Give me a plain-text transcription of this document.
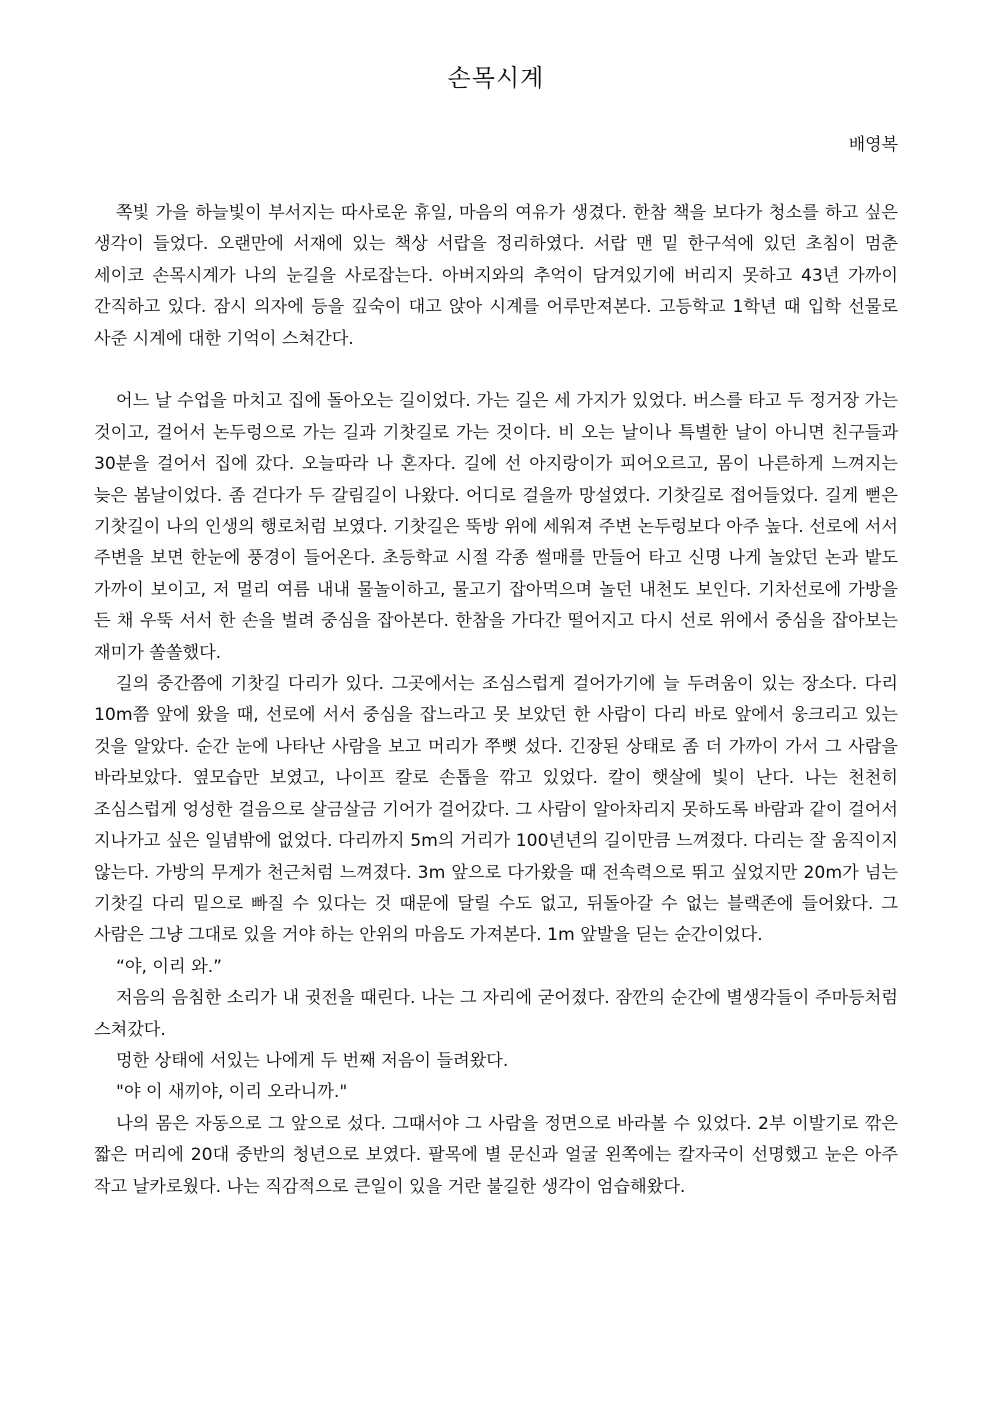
손목시계
배영복

쪽빛 가을 하늘빛이 부서지는 따사로운 휴일, 마음의 여유가 생겼다. 한참 책을 보다가 청소를 하고 싶은 생각이 들었다. 오랜만에 서재에 있는 책상 서랍을 정리하였다. 서랍 맨 밑 한구석에 있던 초침이 멈춘 세이코 손목시계가 나의 눈길을 사로잡는다. 아버지와의 추억이 담겨있기에 버리지 못하고 43년 가까이 간직하고 있다. 잠시 의자에 등을 깊숙이 대고 앉아 시계를 어루만져본다. 고등학교 1학년 때 입학 선물로 사준 시계에 대한 기억이 스쳐간다.

어느 날 수업을 마치고 집에 돌아오는 길이었다. 가는 길은 세 가지가 있었다. 버스를 타고 두 정거장 가는 것이고, 걸어서 논두렁으로 가는 길과 기찻길로 가는 것이다. 비 오는 날이나 특별한 날이 아니면 친구들과 30분을 걸어서 집에 갔다. 오늘따라 나 혼자다. 길에 선 아지랑이가 피어오르고, 몸이 나른하게 느껴지는 늦은 봄날이었다. 좀 걷다가 두 갈림길이 나왔다. 어디로 걸을까 망설였다. 기찻길로 접어들었다. 길게 뻗은 기찻길이 나의 인생의 행로처럼 보였다. 기찻길은 뚝방 위에 세워져 주변 논두렁보다 아주 높다. 선로에 서서 주변을 보면 한눈에 풍경이 들어온다. 초등학교 시절 각종 썰매를 만들어 타고 신명 나게 놀았던 논과 밭도 가까이 보이고, 저 멀리 여름 내내 물놀이하고, 물고기 잡아먹으며 놀던 내천도 보인다. 기차선로에 가방을 든 채 우뚝 서서 한 손을 벌려 중심을 잡아본다. 한참을 가다간 떨어지고 다시 선로 위에서 중심을 잡아보는 재미가 쏠쏠했다.

길의 중간쯤에 기찻길 다리가 있다. 그곳에서는 조심스럽게 걸어가기에 늘 두려움이 있는 장소다. 다리 10m쯤 앞에 왔을 때, 선로에 서서 중심을 잡느라고 못 보았던 한 사람이 다리 바로 앞에서 웅크리고 있는 것을 알았다. 순간 눈에 나타난 사람을 보고 머리가 쭈뼛 섰다. 긴장된 상태로 좀 더 가까이 가서 그 사람을 바라보았다. 옆모습만 보였고, 나이프 칼로 손톱을 깎고 있었다. 칼이 햇살에 빛이 난다. 나는 천천히 조심스럽게 엉성한 걸음으로 살금살금 기어가 걸어갔다. 그 사람이 알아차리지 못하도록 바람과 같이 걸어서 지나가고 싶은 일념밖에 없었다. 다리까지 5m의 거리가 100년년의 길이만큼 느껴졌다. 다리는 잘 움직이지 않는다. 가방의 무게가 천근처럼 느껴졌다. 3m 앞으로 다가왔을 때 전속력으로 뛰고 싶었지만 20m가 넘는 기찻길 다리 밑으로 빠질 수 있다는 것 때문에 달릴 수도 없고, 뒤돌아갈 수 없는 블랙존에 들어왔다. 그 사람은 그냥 그대로 있을 거야 하는 안위의 마음도 가져본다. 1m 앞발을 딛는 순간이었다.

“야, 이리 와.”

저음의 음침한 소리가 내 귓전을 때린다. 나는 그 자리에 굳어졌다. 잠깐의 순간에 별생각들이 주마등처럼 스쳐갔다.

멍한 상태에 서있는 나에게 두 번째 저음이 들려왔다.

"야 이 새끼야, 이리 오라니까."

나의 몸은 자동으로 그 앞으로 섰다. 그때서야 그 사람을 정면으로 바라볼 수 있었다. 2부 이발기로 깎은 짧은 머리에 20대 중반의 청년으로 보였다. 팔목에 별 문신과 얼굴 왼쪽에는 칼자국이 선명했고 눈은 아주 작고 날카로웠다. 나는 직감적으로 큰일이 있을 거란 불길한 생각이 엄습해왔다.
